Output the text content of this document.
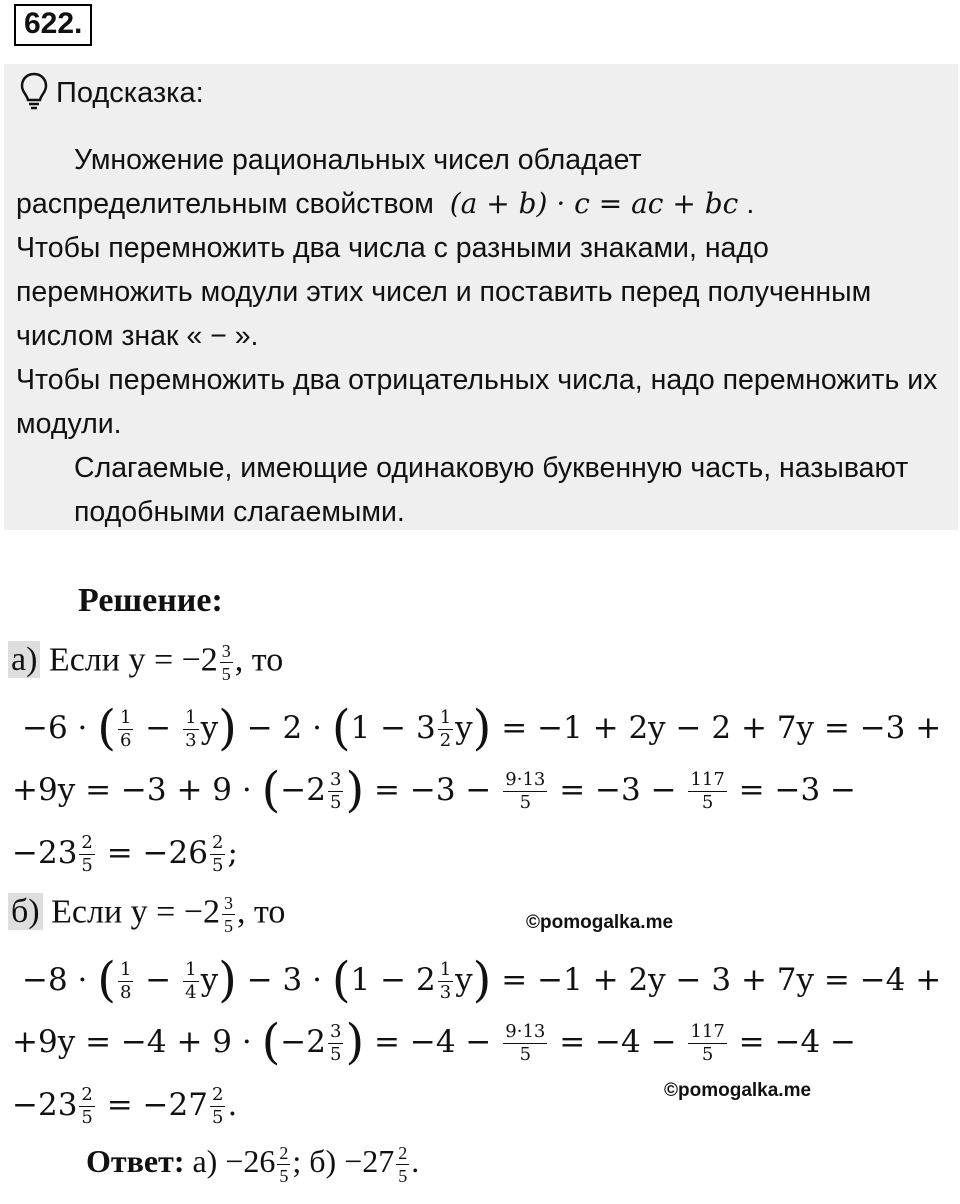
622.
Подсказка:

Умножение рациональных чисел обладает

распределительным свойством (a + b) · c = ac + bc .

Чтобы перемножить два числа с разными знаками, надо перемножить модули этих чисел и поставить перед полученным числом знак « − ».

Чтобы перемножить два отрицательных числа, надо перемножить их модули.

Слагаемые, имеющие одинаковую буквенную часть, называют подобными слагаемыми.

Решение:
а) Если $y = -2 \frac{3}{5}$ , то
−6 · ( $\frac{1}{6} - \frac{1}{3} y) - 2 \cdot (1 - 3 \frac{1}{2} y) = -1 + 2y - 2 + 7y = -3$ +
$+9y = -3 + 9 \cdot (-2 \frac{3}{5}$ ) = $-3 - \frac{9\cdot 13}{5} = -3 - \frac{117}{5} = -3$ −
$-23 \frac{2}{5} = -26 \frac{2}{5}$ ;
б) Если $y = -2 \frac{3}{5}$ , то	©pomogalka.me
−8 · ( $\frac{1}{8} - \frac{1}{4} y) - 3 \cdot (1 - 2 \frac{1}{3} y) = -1 + 2y - 3 + 7y = -4$ +
$+9y = -4 + 9 \cdot (-2 \frac{3}{5}$ ) = $-4 - \frac{9\cdot 13}{5} = -4 - \frac{117}{5} = -4$ −
©pomogalka.me
$-23 \frac{2}{5} = -27 \frac{2}{5}$ .
Ответ: $а) -26 \frac{2}{5}$ ; $б) -27 \frac{2}{5}$ .
